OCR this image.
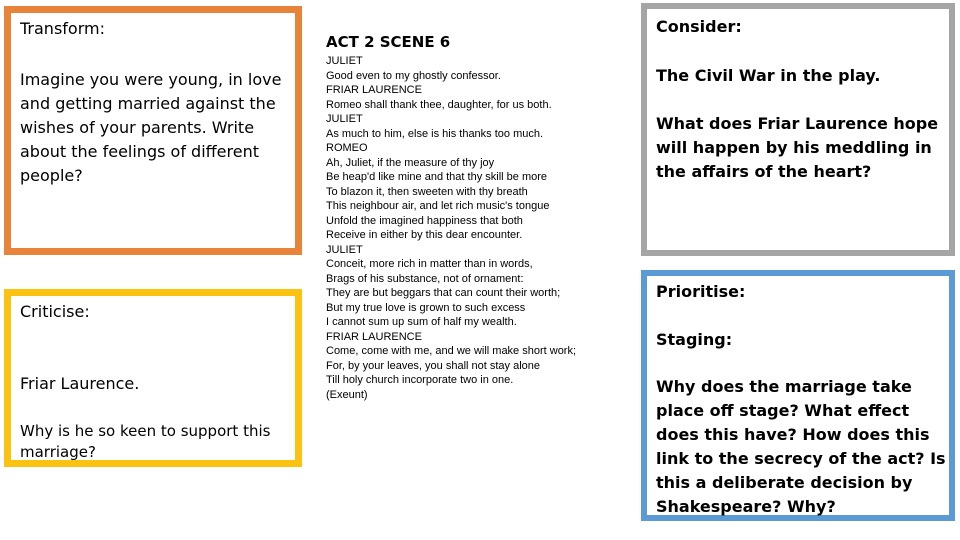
Transform:

Imagine you were young, in love and getting married against the wishes of your parents. Write about the feelings of different people?

Criticise:

Friar Laurence.

Why is he so keen to support this marriage?

ACT 2 SCENE 6

JULIET
Good even to my ghostly confessor.
FRIAR LAURENCE
Romeo shall thank thee, daughter, for us both.
JULIET
As much to him, else is his thanks too much.
ROMEO
Ah, Juliet, if the measure of thy joy
Be heap'd like mine and that thy skill be more
To blazon it, then sweeten with thy breath
This neighbour air, and let rich music's tongue
Unfold the imagined happiness that both
Receive in either by this dear encounter.
JULIET
Conceit, more rich in matter than in words,
Brags of his substance, not of ornament:
They are but beggars that can count their worth;
But my true love is grown to such excess
I cannot sum up sum of half my wealth.
FRIAR LAURENCE
Come, come with me, and we will make short work;
For, by your leaves, you shall not stay alone
Till holy church incorporate two in one.
(Exeunt)

Consider:

The Civil War in the play.

What does Friar Laurence hope will happen by his meddling in the affairs of the heart?

Prioritise:

Staging:

Why does the marriage take place off stage? What effect does this have? How does this link to the secrecy of the act? Is this a deliberate decision by Shakespeare? Why?
